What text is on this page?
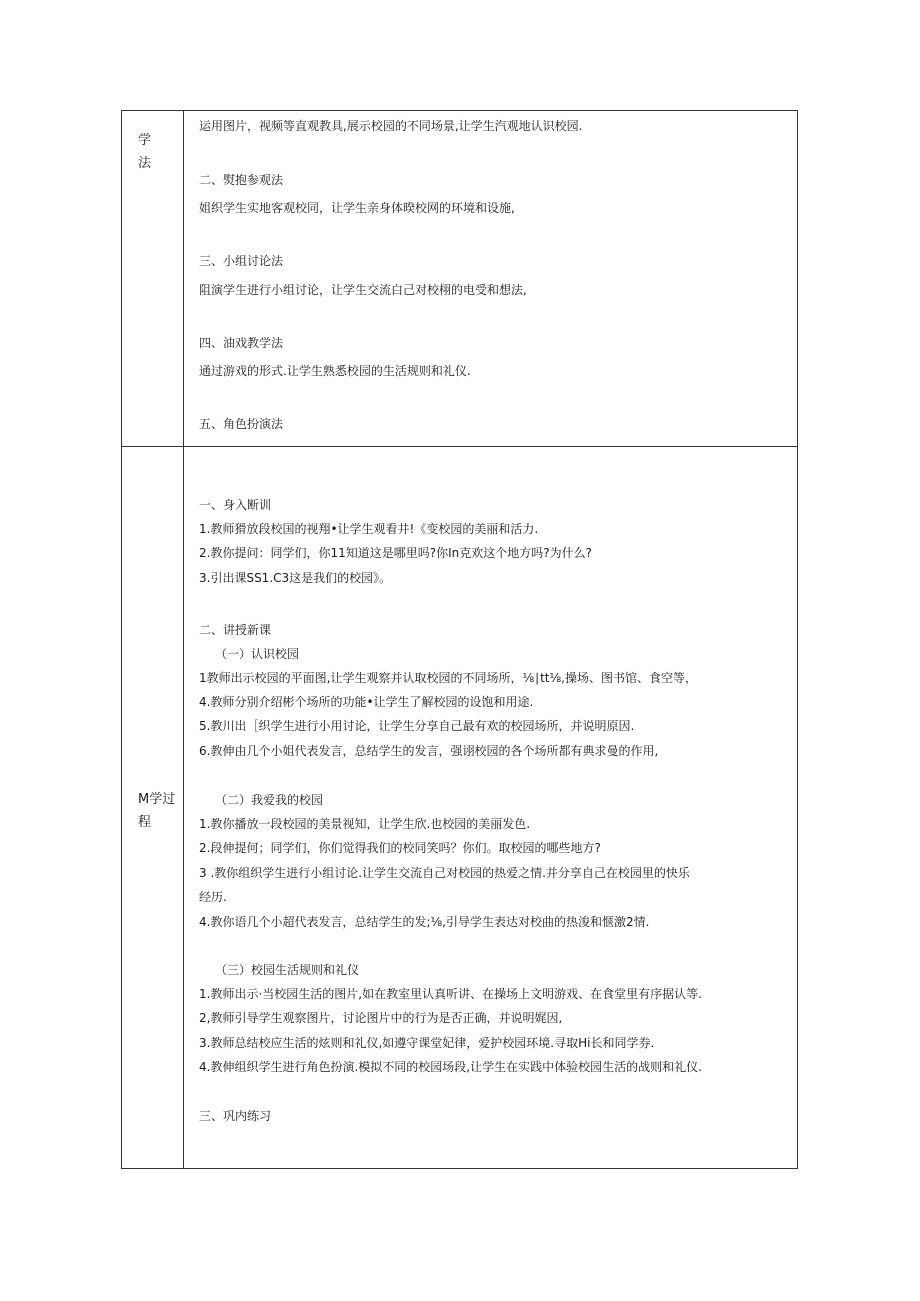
学
法
运用图片，视频等直观教具,展示校园的不同场景,让学生汽观地认识校园.
二、熨抱参观法
姐织学生实地客观校同，让学生亲身体暌校网的环境和设施,
三、小组讨论法
阻演学生进行小组讨论，让学生交流白己对校栩的电受和想法,
四、油戏教学法
通过游戏的形式.让学生熟悉校园的生活规则和礼仪.
五、角色扮演法
M学过
程
一、身入断训
1.教师猾放段校国的视翔•让学生观看井!《变校园的美丽和活力.
2.教你提问：同学们，你11知道这是哪里吗?你In克欢这个地方吗?为什么?
3.引出课SS1.C3这是我们的校园》。
二、讲授新课
（一）认识校园
1教师出示校园的平面图,让学生观察并认取校园的不同场所，⅛∣tt⅛,操场、图书馆、食空等，
4.教师分别介绍彬个场所的功能•让学生了解校园的设饱和用途.
5.教川出［织学生进行小用讨论，让学生分享自己最有欢的校园场所，并说明原因.
6.教伸由几个小姐代表发言，总结学生的发言，强诩校园的各个场所都有典求曼的作用,
（二）我爱我的校园
1.教你播放一段校园的美景视知，让学生欣.也校园的美丽发色.
2.段伸提何；同学们，你们觉得我们的校同笑吗？你们。取校园的哪些地方?
3 .教你组织学生进行小组讨论.让学生交流自己对校园的热爱之情.并分享自己在校园里的快乐
经历.
4.教你语几个小超代表发言，总结学生的发;⅛,引导学生表达对校曲的热浚和惬激2情.
（三）校园生活规则和礼仪
1.教师出示·当校园生活的图片,如在教室里认真听讲、在操场上文明游戏、在食堂里有序据认等.
2,教师引导学生观察图片，讨论图片中的行为是否正确，并说明娓因,
3.教师总结校应生活的炫则和礼仪,如遵守课堂妃律，爱护校园环境.寻取Hi长和同学券.
4.教伸组织学生进行角色扮演.模拟不同的校园场段,让学生在实践中体验校园生活的战则和礼仪.
三、巩内练习
